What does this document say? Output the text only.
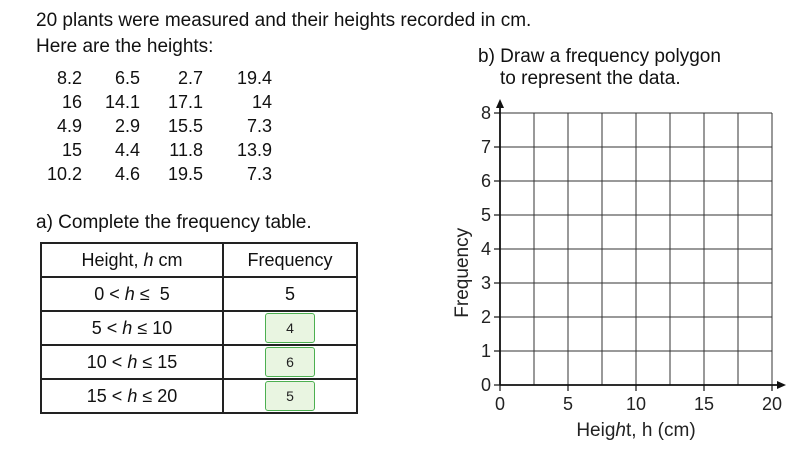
20 plants were measured and their heights recorded in cm.
Here are the heights:
8.2	6.5	2.7	19.4
16	14.1	17.1	14
4.9	2.9	15.5	7.3
15	4.4	11.8	13.9
10.2	4.6	19.5	7.3
a) Complete the frequency table.
Height, h cm	Frequency
0 < h ≤  5	5
5 < h ≤ 10	4
10 < h ≤ 15	6
15 < h ≤ 20	5
b) Draw a frequency polygon
to represent the data.
0	5	10	15	20
0
1
2
3
4
5
6
7
8
Height, h (cm)
Frequency
